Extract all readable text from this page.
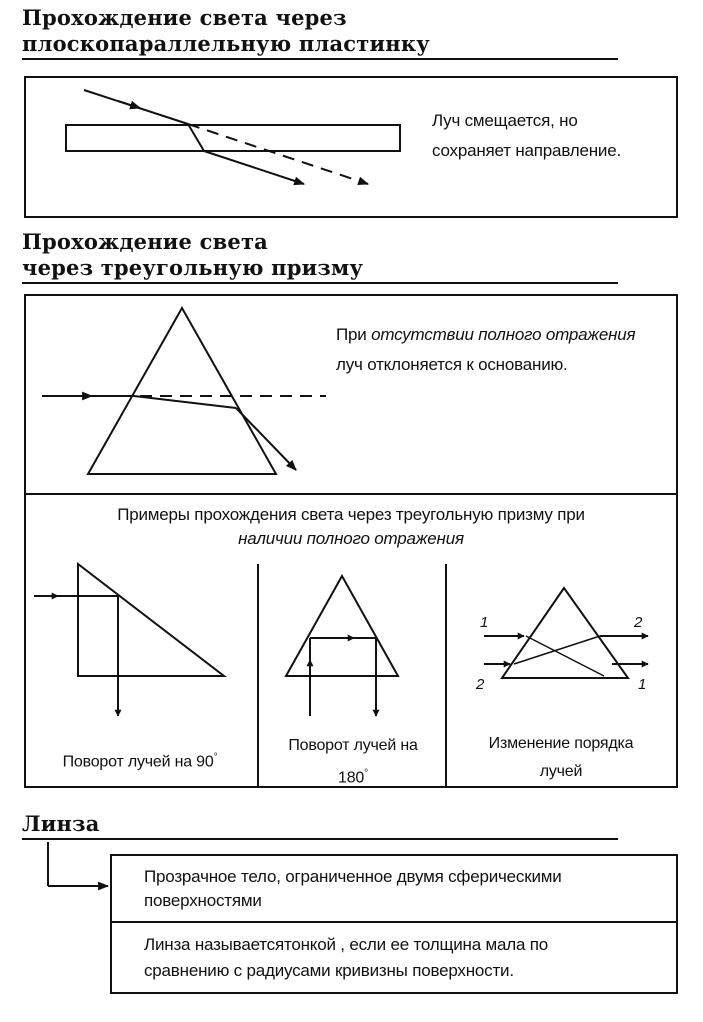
Прохождение света через
плоскопараллельную пластинку
Луч смещается, но
сохраняет направление.
Прохождение света
через треугольную призму
При отсутствии полного отражения
луч отклоняется к основанию.
Примеры прохождения света через треугольную призму при
наличии полного отражения
Поворот лучей на 90°
Поворот лучей на
180°
Изменение порядка
лучей
1
2
2
1
Линза
Прозрачное тело, ограниченное двумя сферическими
поверхностями
Линза называетсятонкой , если ее толщина мала по
сравнению с радиусами кривизны поверхности.
